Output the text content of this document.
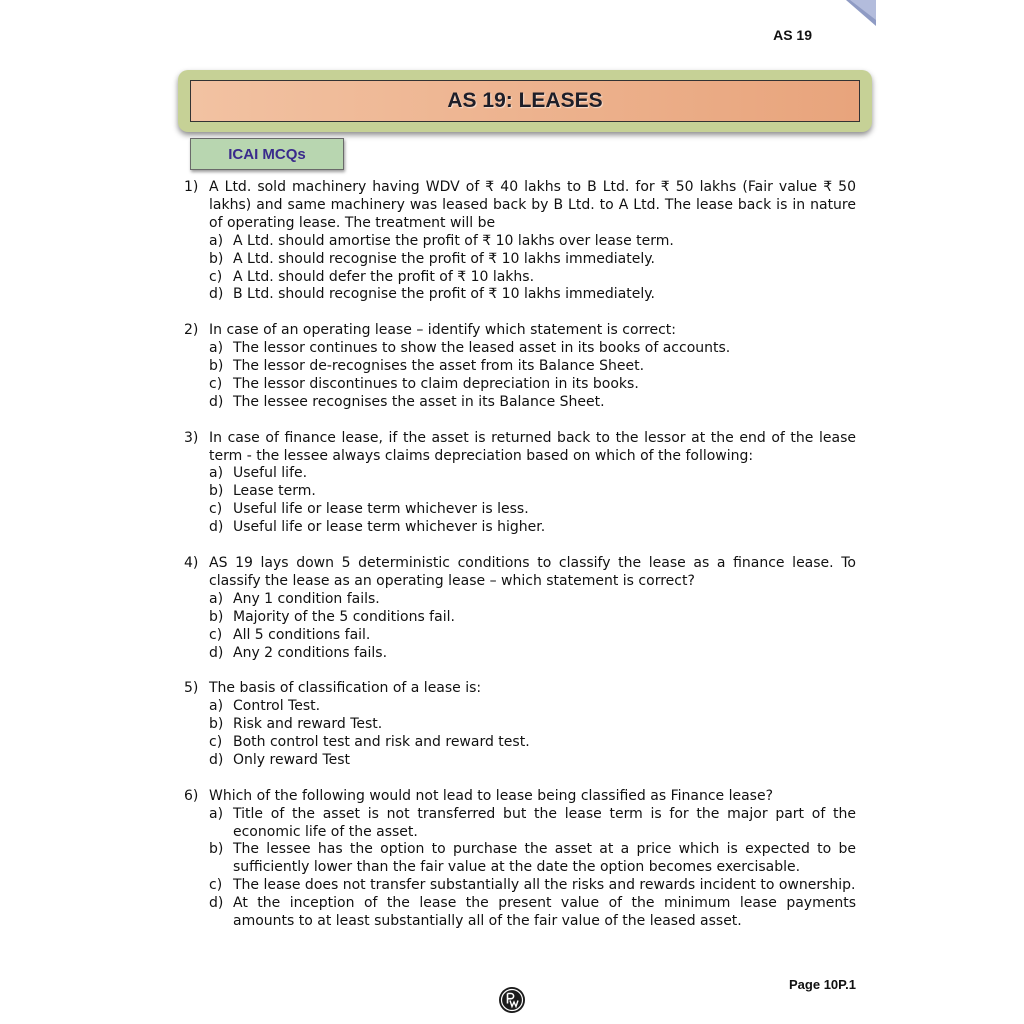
AS 19
AS 19: LEASES
ICAI MCQs
1) A Ltd. sold machinery having WDV of ₹ 40 lakhs to B Ltd. for ₹ 50 lakhs (Fair value ₹ 50 lakhs) and same machinery was leased back by B Ltd. to A Ltd. The lease back is in nature of operating lease. The treatment will be
a) A Ltd. should amortise the profit of ₹ 10 lakhs over lease term.
b) A Ltd. should recognise the profit of ₹ 10 lakhs immediately.
c) A Ltd. should defer the profit of ₹ 10 lakhs.
d) B Ltd. should recognise the profit of ₹ 10 lakhs immediately.
2) In case of an operating lease – identify which statement is correct:
a) The lessor continues to show the leased asset in its books of accounts.
b) The lessor de-recognises the asset from its Balance Sheet.
c) The lessor discontinues to claim depreciation in its books.
d) The lessee recognises the asset in its Balance Sheet.
3) In case of finance lease, if the asset is returned back to the lessor at the end of the lease term - the lessee always claims depreciation based on which of the following:
a) Useful life.
b) Lease term.
c) Useful life or lease term whichever is less.
d) Useful life or lease term whichever is higher.
4) AS 19 lays down 5 deterministic conditions to classify the lease as a finance lease. To classify the lease as an operating lease – which statement is correct?
a) Any 1 condition fails.
b) Majority of the 5 conditions fail.
c) All 5 conditions fail.
d) Any 2 conditions fails.
5) The basis of classification of a lease is:
a) Control Test.
b) Risk and reward Test.
c) Both control test and risk and reward test.
d) Only reward Test
6) Which of the following would not lead to lease being classified as Finance lease?
a) Title of the asset is not transferred but the lease term is for the major part of the economic life of the asset.
b) The lessee has the option to purchase the asset at a price which is expected to be sufficiently lower than the fair value at the date the option becomes exercisable.
c) The lease does not transfer substantially all the risks and rewards incident to ownership.
d) At the inception of the lease the present value of the minimum lease payments amounts to at least substantially all of the fair value of the leased asset.
Page 10P.1
